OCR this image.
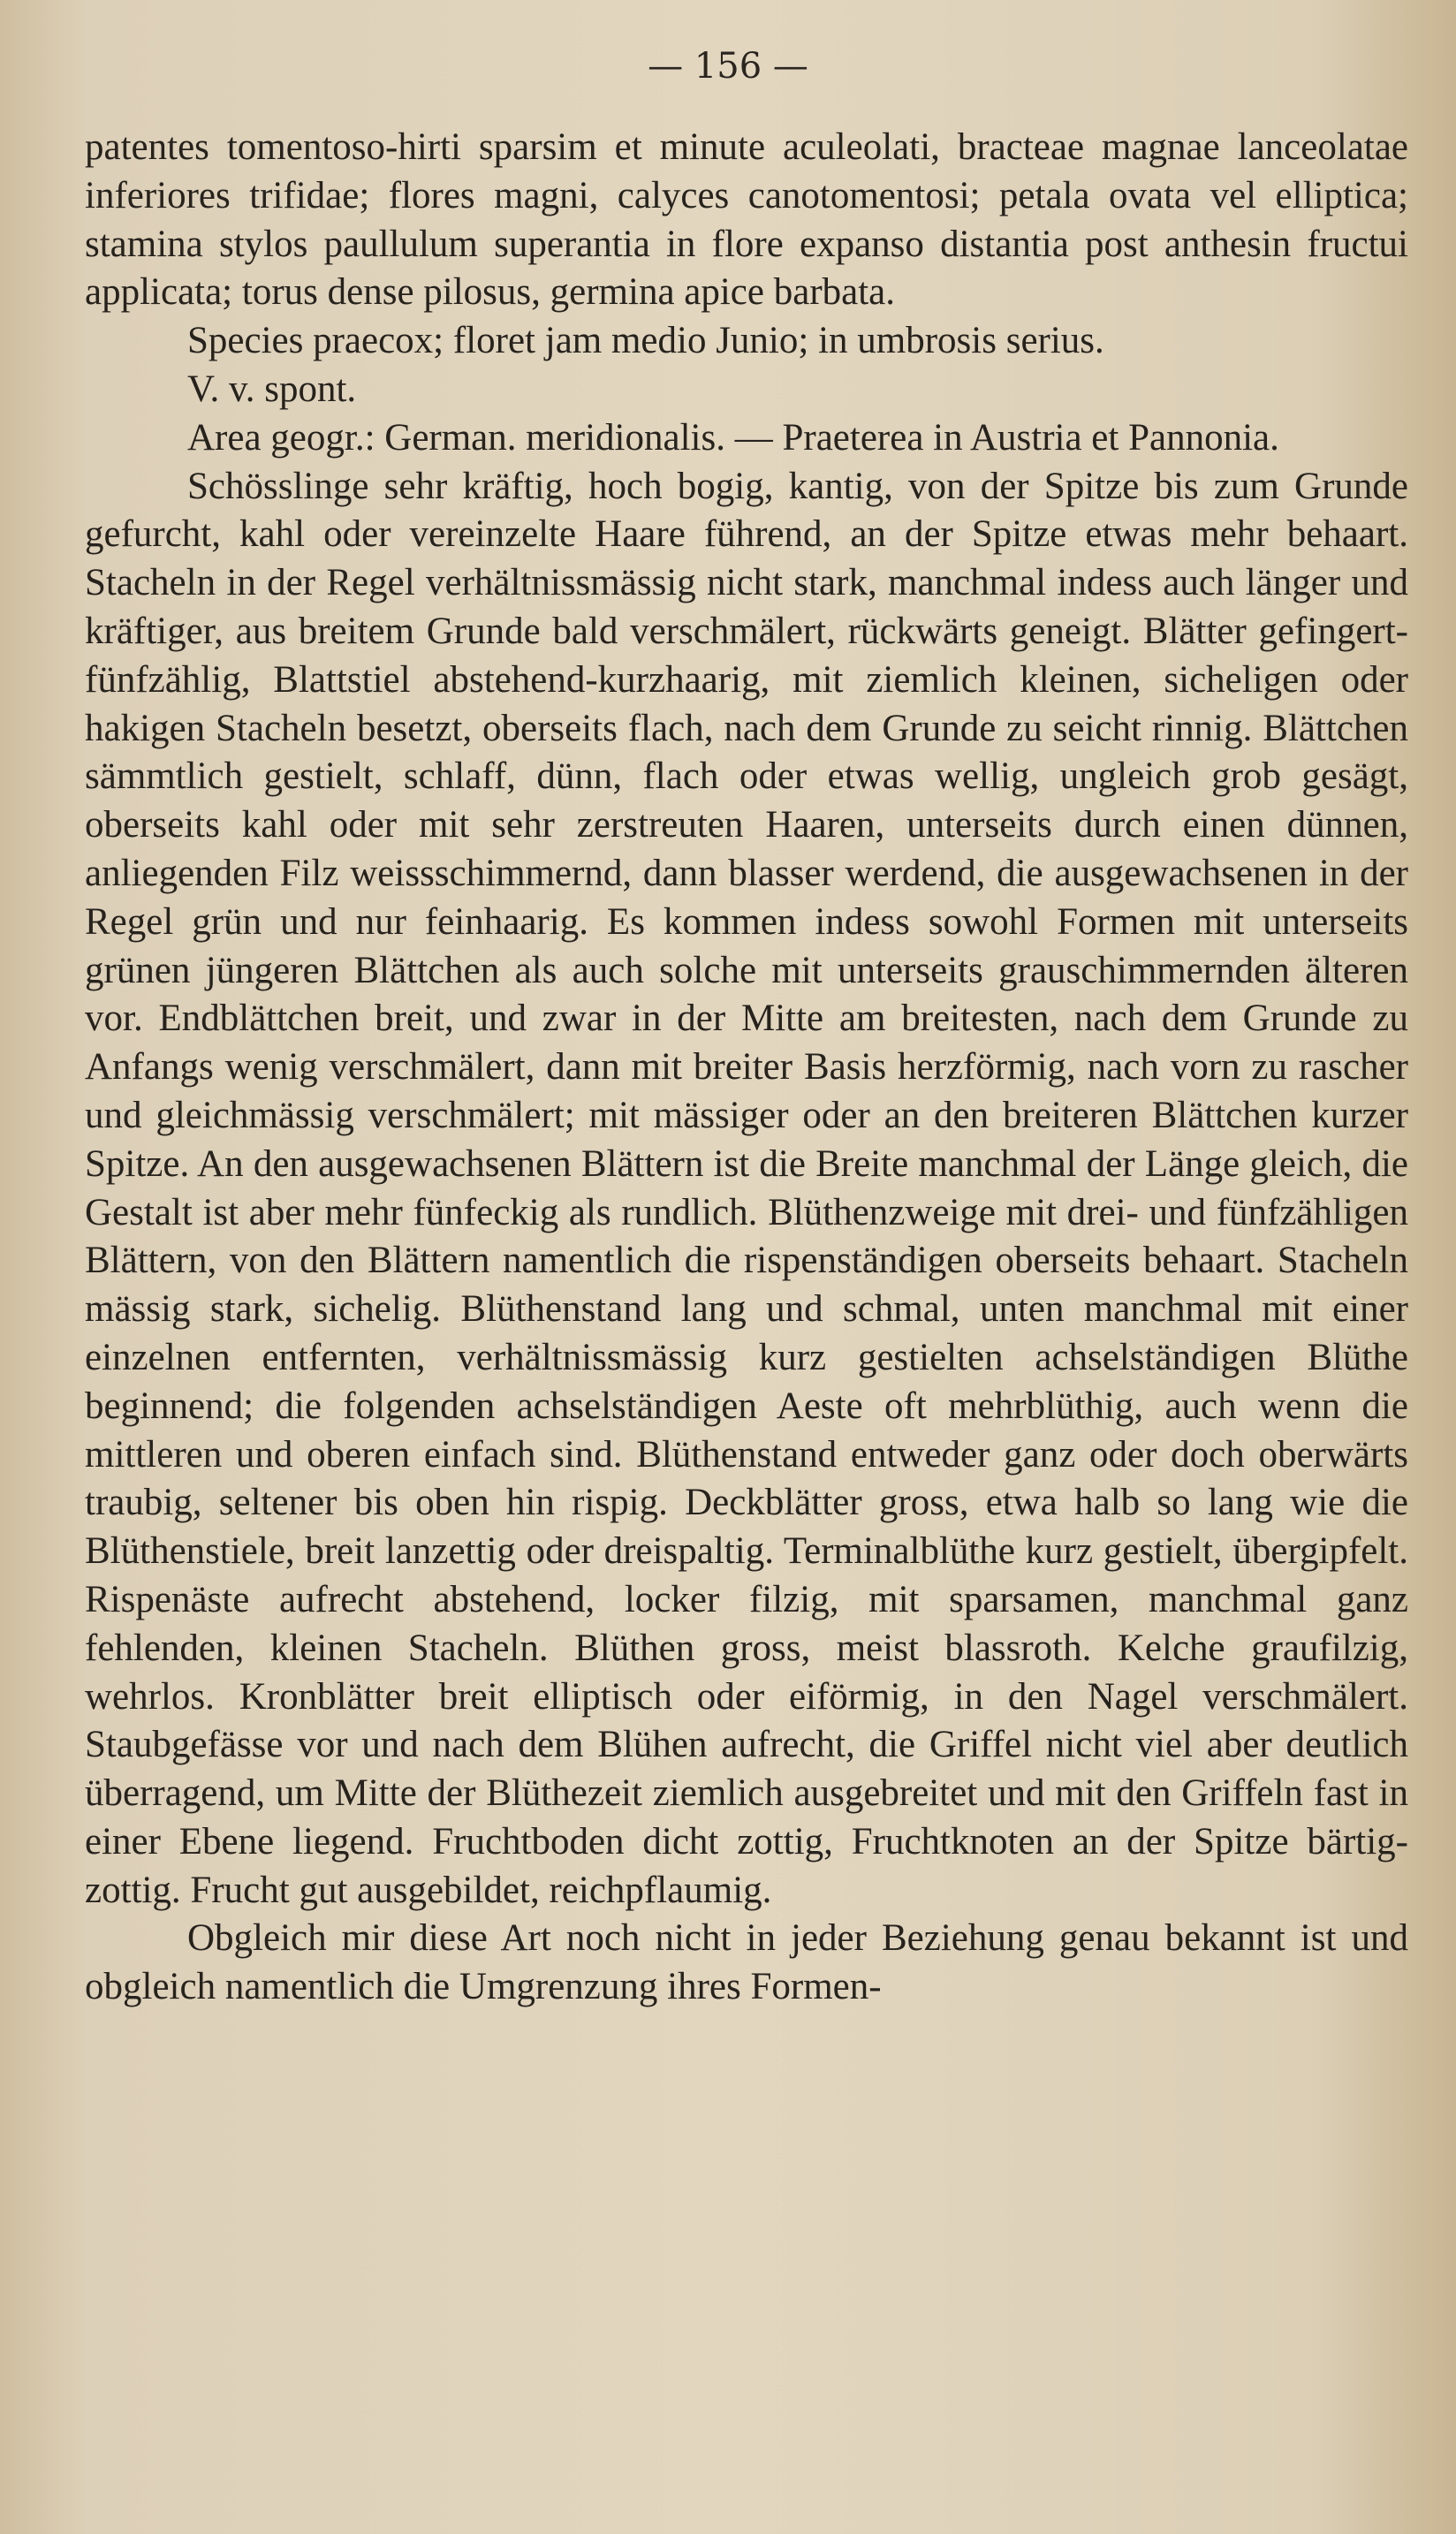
— 156 —

patentes tomentoso-hirti sparsim et minute aculeolati, bracteae magnae lanceolatae inferiores trifidae; flores magni, calyces canotomentosi; petala ovata vel elliptica; stamina stylos paullulum superantia in flore expanso distantia post anthesin fructui applicata; torus dense pilosus, germina apice barbata.

Species praecox; floret jam medio Junio; in umbrosis serius.

V. v. spont.

Area geogr.: German. meridionalis. — Praeterea in Austria et Pannonia.

Schösslinge sehr kräftig, hoch bogig, kantig, von der Spitze bis zum Grunde gefurcht, kahl oder vereinzelte Haare führend, an der Spitze etwas mehr behaart. Stacheln in der Regel verhältnissmässig nicht stark, manchmal indess auch länger und kräftiger, aus breitem Grunde bald verschmälert, rückwärts geneigt. Blätter gefingert-fünfzählig, Blattstiel abstehend-kurzhaarig, mit ziemlich kleinen, sicheligen oder hakigen Stacheln besetzt, oberseits flach, nach dem Grunde zu seicht rinnig. Blättchen sämmtlich gestielt, schlaff, dünn, flach oder etwas wellig, ungleich grob gesägt, oberseits kahl oder mit sehr zerstreuten Haaren, unterseits durch einen dünnen, anliegenden Filz weissschimmernd, dann blasser werdend, die ausgewachsenen in der Regel grün und nur feinhaarig. Es kommen indess sowohl Formen mit unterseits grünen jüngeren Blättchen als auch solche mit unterseits grauschimmernden älteren vor. Endblättchen breit, und zwar in der Mitte am breitesten, nach dem Grunde zu Anfangs wenig verschmälert, dann mit breiter Basis herzförmig, nach vorn zu rascher und gleichmässig verschmälert; mit mässiger oder an den breiteren Blättchen kurzer Spitze. An den ausgewachsenen Blättern ist die Breite manchmal der Länge gleich, die Gestalt ist aber mehr fünfeckig als rundlich. Blüthenzweige mit drei- und fünfzähligen Blättern, von den Blättern namentlich die rispenständigen oberseits behaart. Stacheln mässig stark, sichelig. Blüthenstand lang und schmal, unten manchmal mit einer einzelnen entfernten, verhältnissmässig kurz gestielten achselständigen Blüthe beginnend; die folgenden achselständigen Aeste oft mehrblüthig, auch wenn die mittleren und oberen einfach sind. Blüthenstand entweder ganz oder doch oberwärts traubig, seltener bis oben hin rispig. Deckblätter gross, etwa halb so lang wie die Blüthenstiele, breit lanzettig oder dreispaltig. Terminalblüthe kurz gestielt, übergipfelt. Rispenäste aufrecht abstehend, locker filzig, mit sparsamen, manchmal ganz fehlenden, kleinen Stacheln. Blüthen gross, meist blassroth. Kelche graufilzig, wehrlos. Kronblätter breit elliptisch oder eiförmig, in den Nagel verschmälert. Staubgefässe vor und nach dem Blühen aufrecht, die Griffel nicht viel aber deutlich überragend, um Mitte der Blüthezeit ziemlich ausgebreitet und mit den Griffeln fast in einer Ebene liegend. Fruchtboden dicht zottig, Fruchtknoten an der Spitze bärtig-zottig. Frucht gut ausgebildet, reichpflaumig.

Obgleich mir diese Art noch nicht in jeder Beziehung genau bekannt ist und obgleich namentlich die Umgrenzung ihres Formen-
